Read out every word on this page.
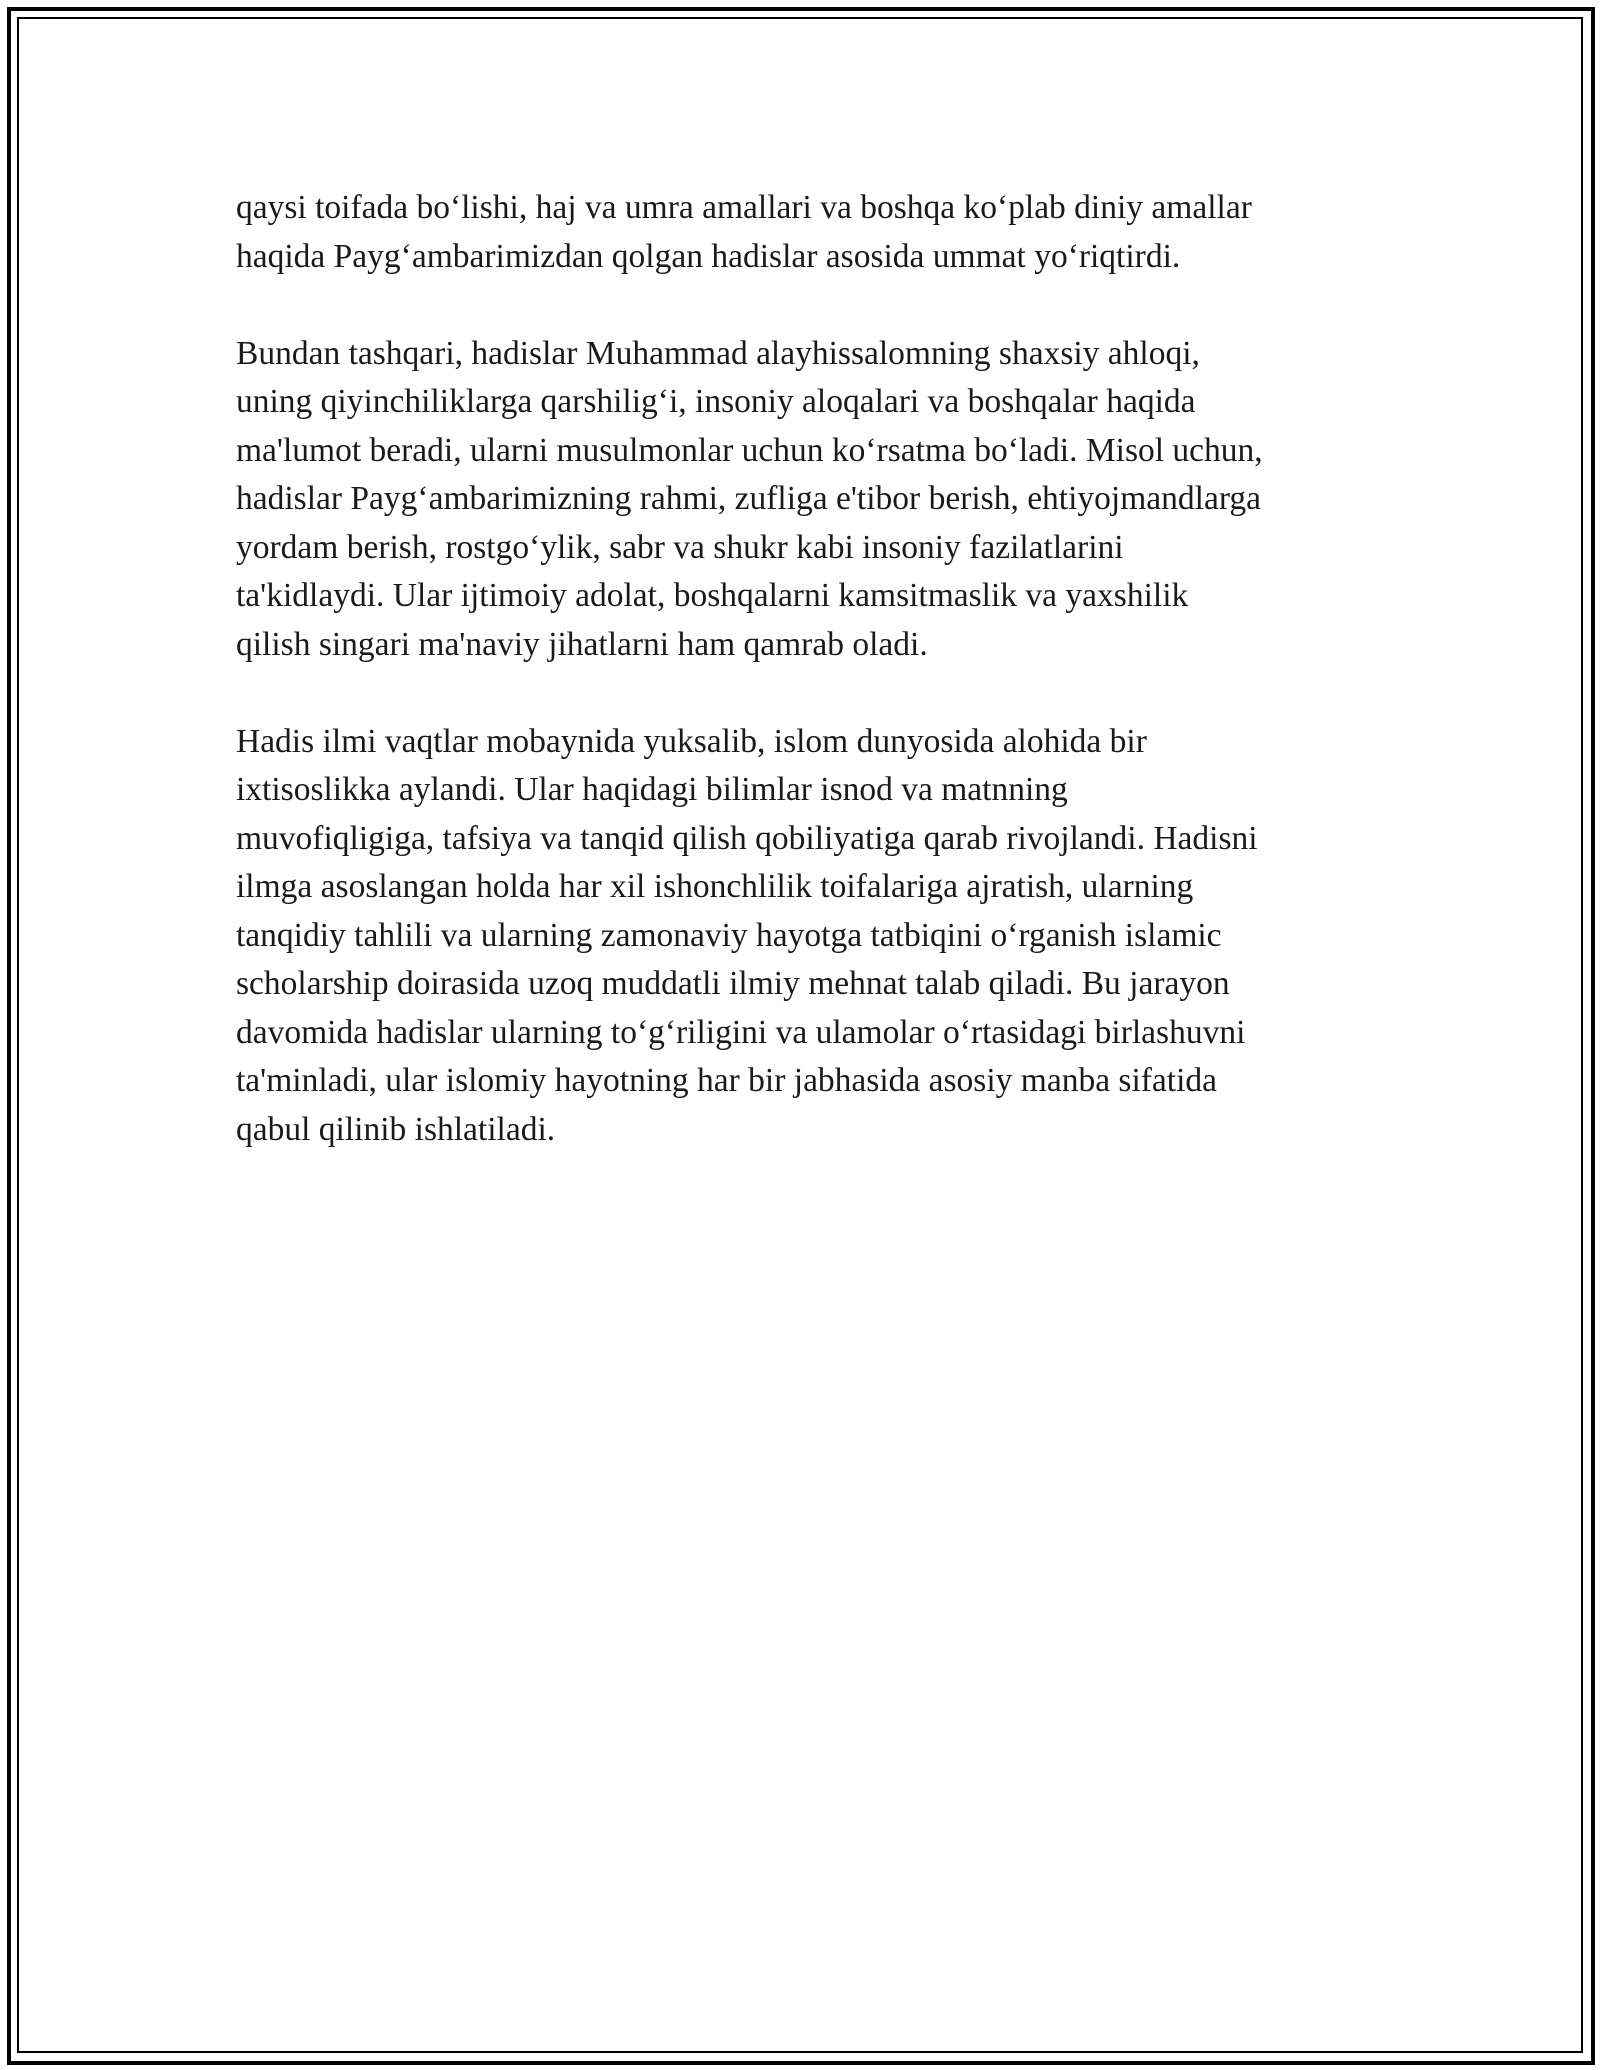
qaysi toifada bo‘lishi, haj va umra amallari va boshqa ko‘plab diniy amallar
haqida Payg‘ambarimizdan qolgan hadislar asosida ummat yo‘riqtirdi.

Bundan tashqari, hadislar Muhammad alayhissalomning shaxsiy ahloqi,
uning qiyinchiliklarga qarshilig‘i, insoniy aloqalari va boshqalar haqida
ma'lumot beradi, ularni musulmonlar uchun ko‘rsatma bo‘ladi. Misol uchun,
hadislar Payg‘ambarimizning rahmi, zufliga e'tibor berish, ehtiyojmandlarga
yordam berish, rostgo‘ylik, sabr va shukr kabi insoniy fazilatlarini
ta'kidlaydi. Ular ijtimoiy adolat, boshqalarni kamsitmaslik va yaxshilik
qilish singari ma'naviy jihatlarni ham qamrab oladi.

Hadis ilmi vaqtlar mobaynida yuksalib, islom dunyosida alohida bir
ixtisoslikka aylandi. Ular haqidagi bilimlar isnod va matnning
muvofiqligiga, tafsiya va tanqid qilish qobiliyatiga qarab rivojlandi. Hadisni
ilmga asoslangan holda har xil ishonchlilik toifalariga ajratish, ularning
tanqidiy tahlili va ularning zamonaviy hayotga tatbiqini o‘rganish islamic
scholarship doirasida uzoq muddatli ilmiy mehnat talab qiladi. Bu jarayon
davomida hadislar ularning to‘g‘riligini va ulamolar o‘rtasidagi birlashuvni
ta'minladi, ular islomiy hayotning har bir jabhasida asosiy manba sifatida
qabul qilinib ishlatiladi.
